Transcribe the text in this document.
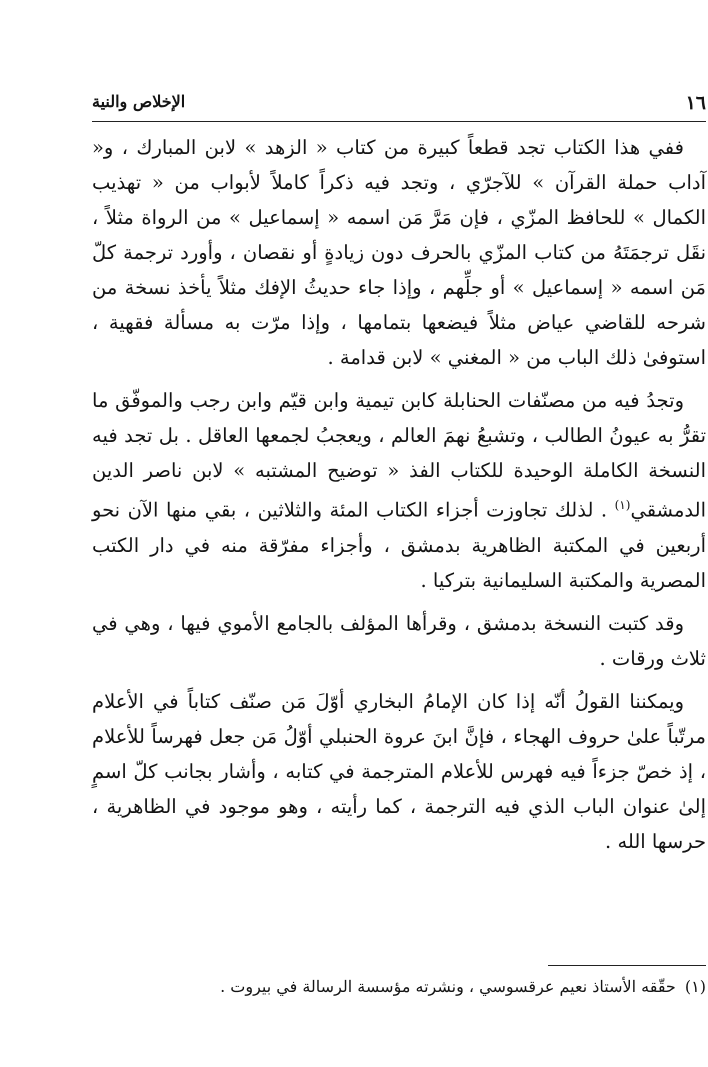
١٦
الإخلاص والنية

ففي هذا الكتاب تجد قطعاً كبيرة من كتاب « الزهد » لابن المبارك ، و« آداب حملة القرآن » للآجرّي ، وتجد فيه ذكراً كاملاً لأبواب من « تهذيب الكمال » للحافظ المزّي ، فإن مَرَّ مَن اسمه « إسماعيل » من الرواة مثلاً ، نقَل ترجمَتَهُ من كتاب المزّي بالحرف دون زيادةٍ أو نقصان ، وأورد ترجمة كلّ مَن اسمه « إسماعيل » أو جلِّهم ، وإذا جاء حديثُ الإفك مثلاً يأخذ نسخة من شرحه للقاضي عياض مثلاً فيضعها بتمامها ، وإذا مرّت به مسألة فقهية ، استوفىٰ ذلك الباب من « المغني » لابن قدامة .

وتجدُ فيه من مصنّفات الحنابلة كابن تيمية وابن قيّم وابن رجب والموفّق ما تقرُّ به عيونُ الطالب ، وتشبعُ نهمَ العالم ، ويعجبُ لجمعها العاقل . بل تجد فيه النسخة الكاملة الوحيدة للكتاب الفذ « توضيح المشتبه » لابن ناصر الدين الدمشقي$^{(١)}$ . لذلك تجاوزت أجزاء الكتاب المئة والثلاثين ، بقي منها الآن نحو أربعين في المكتبة الظاهرية بدمشق ، وأجزاء مفرّقة منه في دار الكتب المصرية والمكتبة السليمانية بتركيا .

وقد كتبت النسخة بدمشق ، وقرأها المؤلف بالجامع الأموي فيها ، وهي في ثلاث ورقات .

ويمكننا القولُ أنّه إذا كان الإمامُ البخاري أوّلَ مَن صنّف كتاباً في الأعلام مرتّباً علىٰ حروف الهجاء ، فإنَّ ابنَ عروة الحنبلي أوّلُ مَن جعل فهرساً للأعلام ، إذ خصّ جزءاً فيه فهرس للأعلام المترجمة في كتابه ، وأشار بجانب كلّ اسمٍ إلىٰ عنوان الباب الذي فيه الترجمة ، كما رأيته ، وهو موجود في الظاهرية ، حرسها الله .

(١) حقّقه الأستاذ نعيم عرقسوسي ، ونشرته مؤسسة الرسالة في بيروت .
